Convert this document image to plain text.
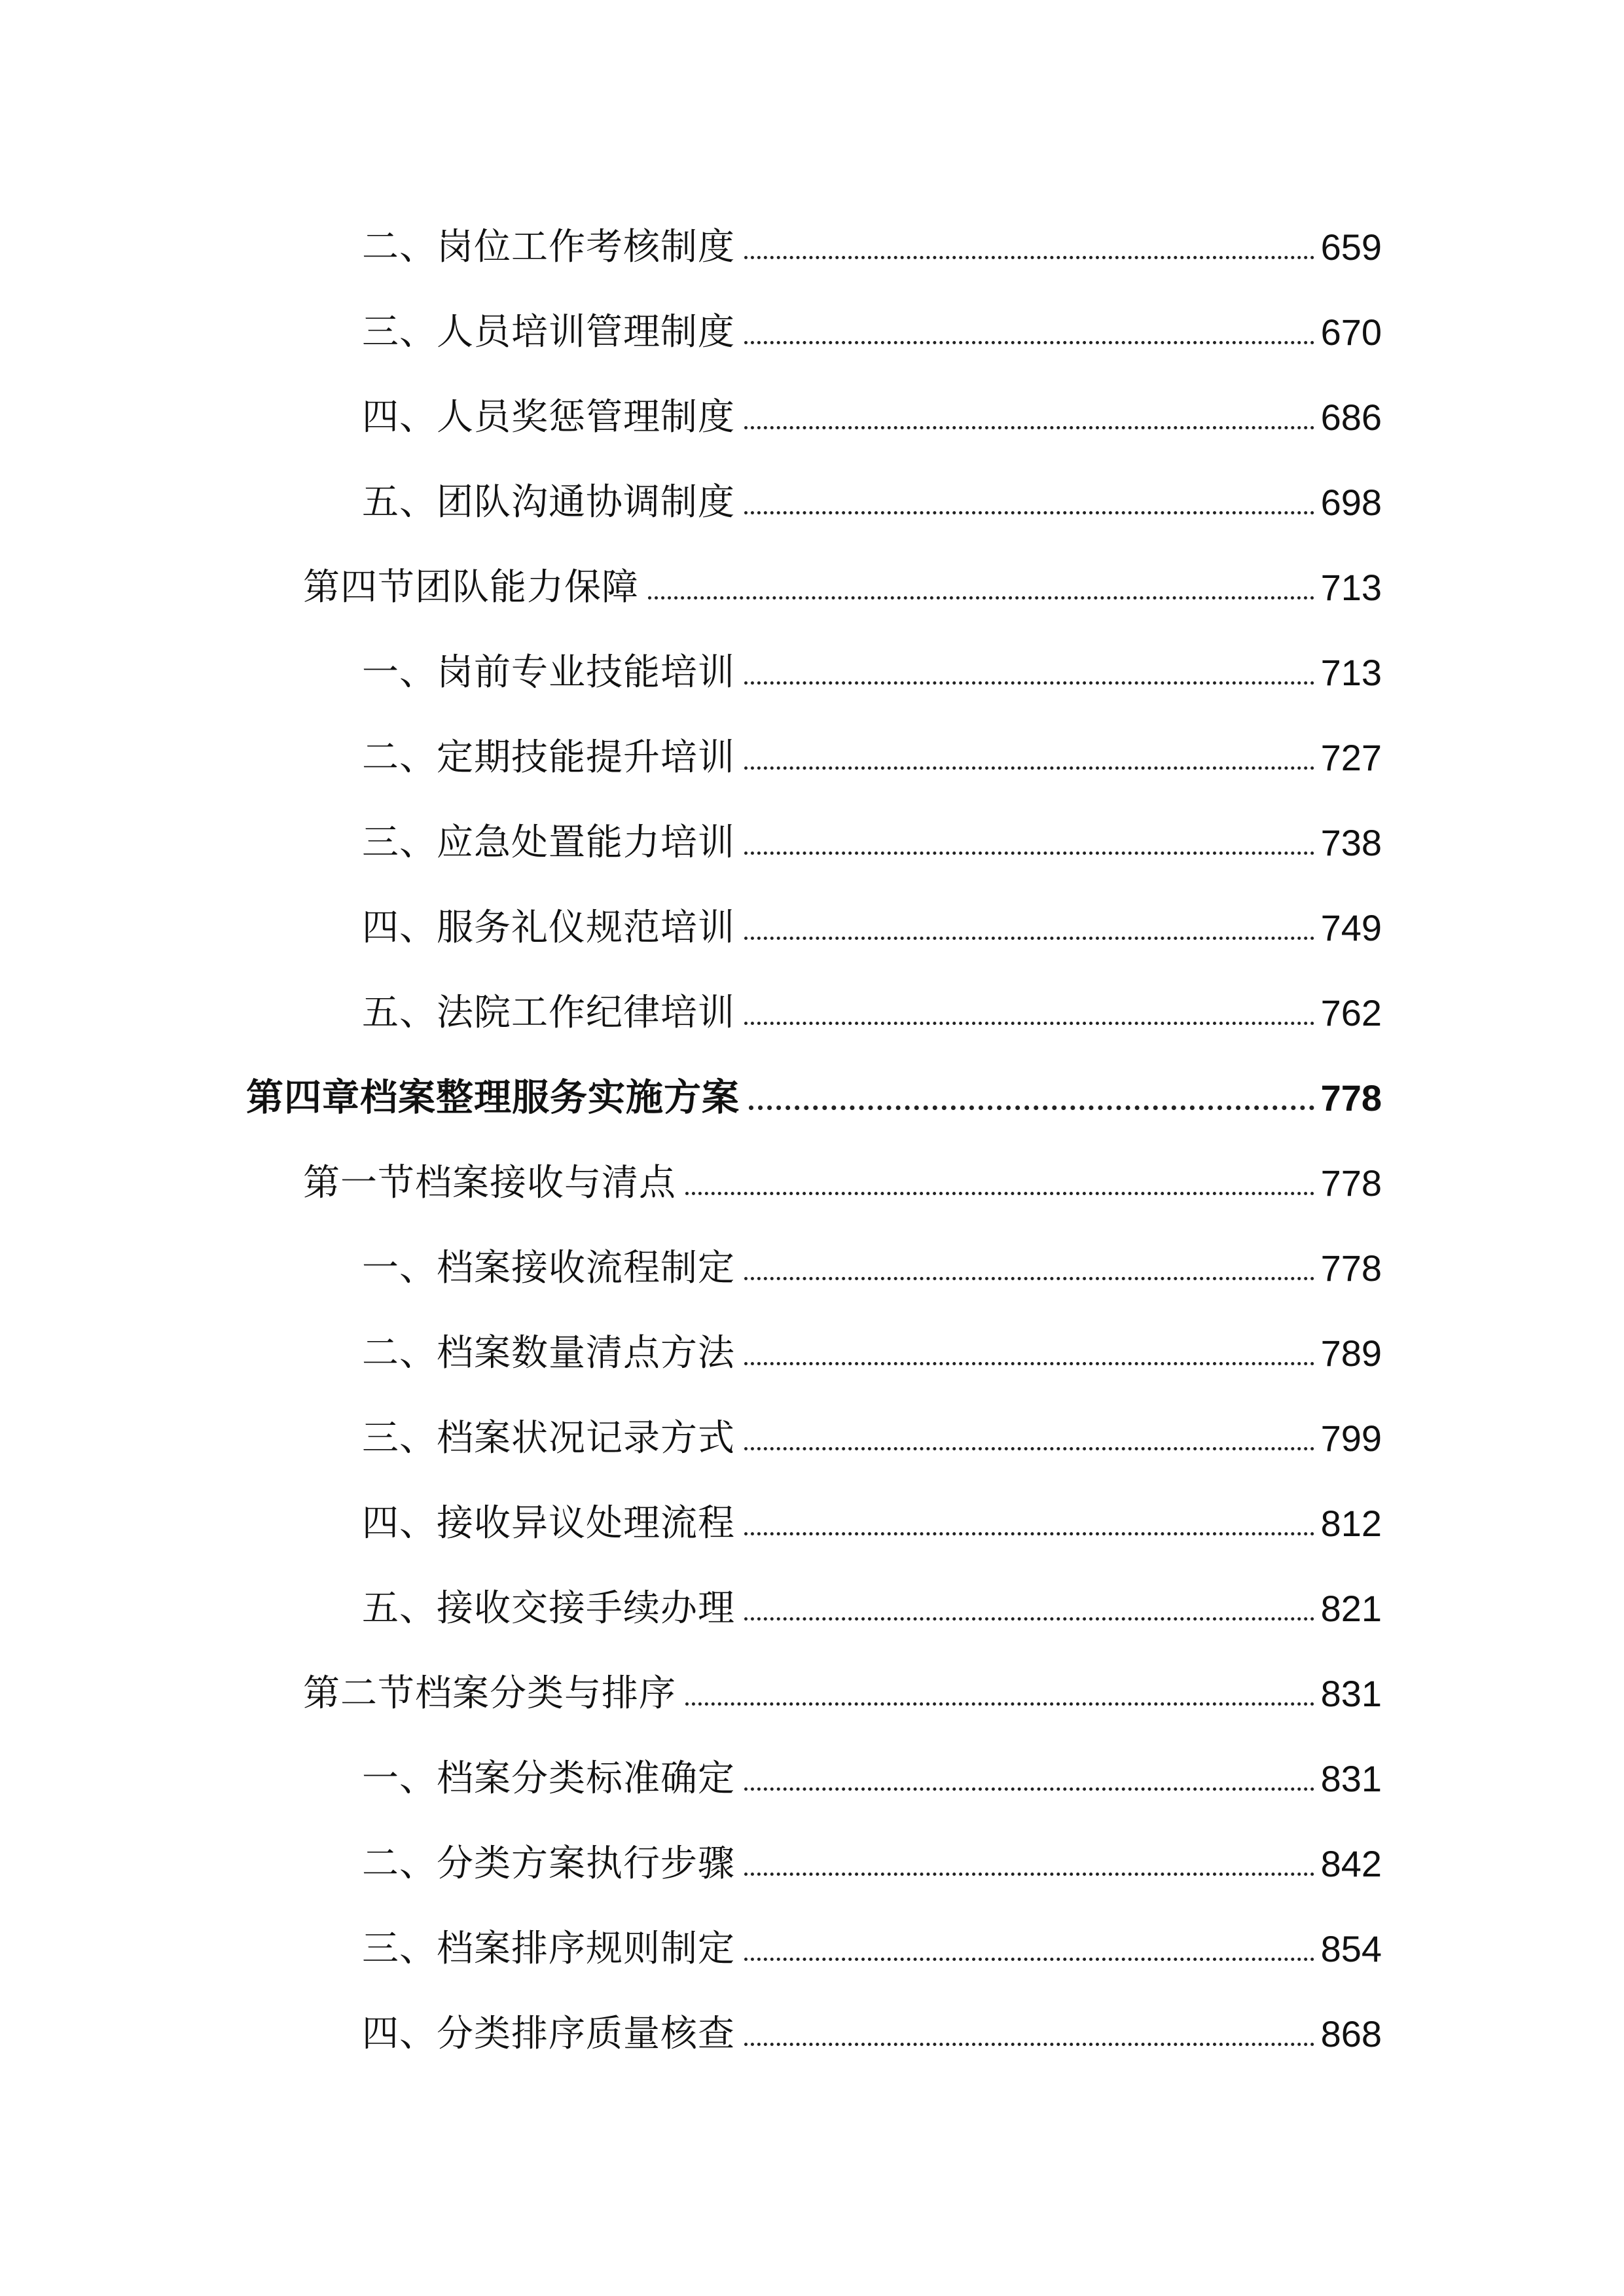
二、岗位工作考核制度	659
三、人员培训管理制度	670
四、人员奖惩管理制度	686
五、团队沟通协调制度	698
第四节团队能力保障	713
一、岗前专业技能培训	713
二、定期技能提升培训	727
三、应急处置能力培训	738
四、服务礼仪规范培训	749
五、法院工作纪律培训	762
第四章档案整理服务实施方案	778
第一节档案接收与清点	778
一、档案接收流程制定	778
二、档案数量清点方法	789
三、档案状况记录方式	799
四、接收异议处理流程	812
五、接收交接手续办理	821
第二节档案分类与排序	831
一、档案分类标准确定	831
二、分类方案执行步骤	842
三、档案排序规则制定	854
四、分类排序质量核查	868
